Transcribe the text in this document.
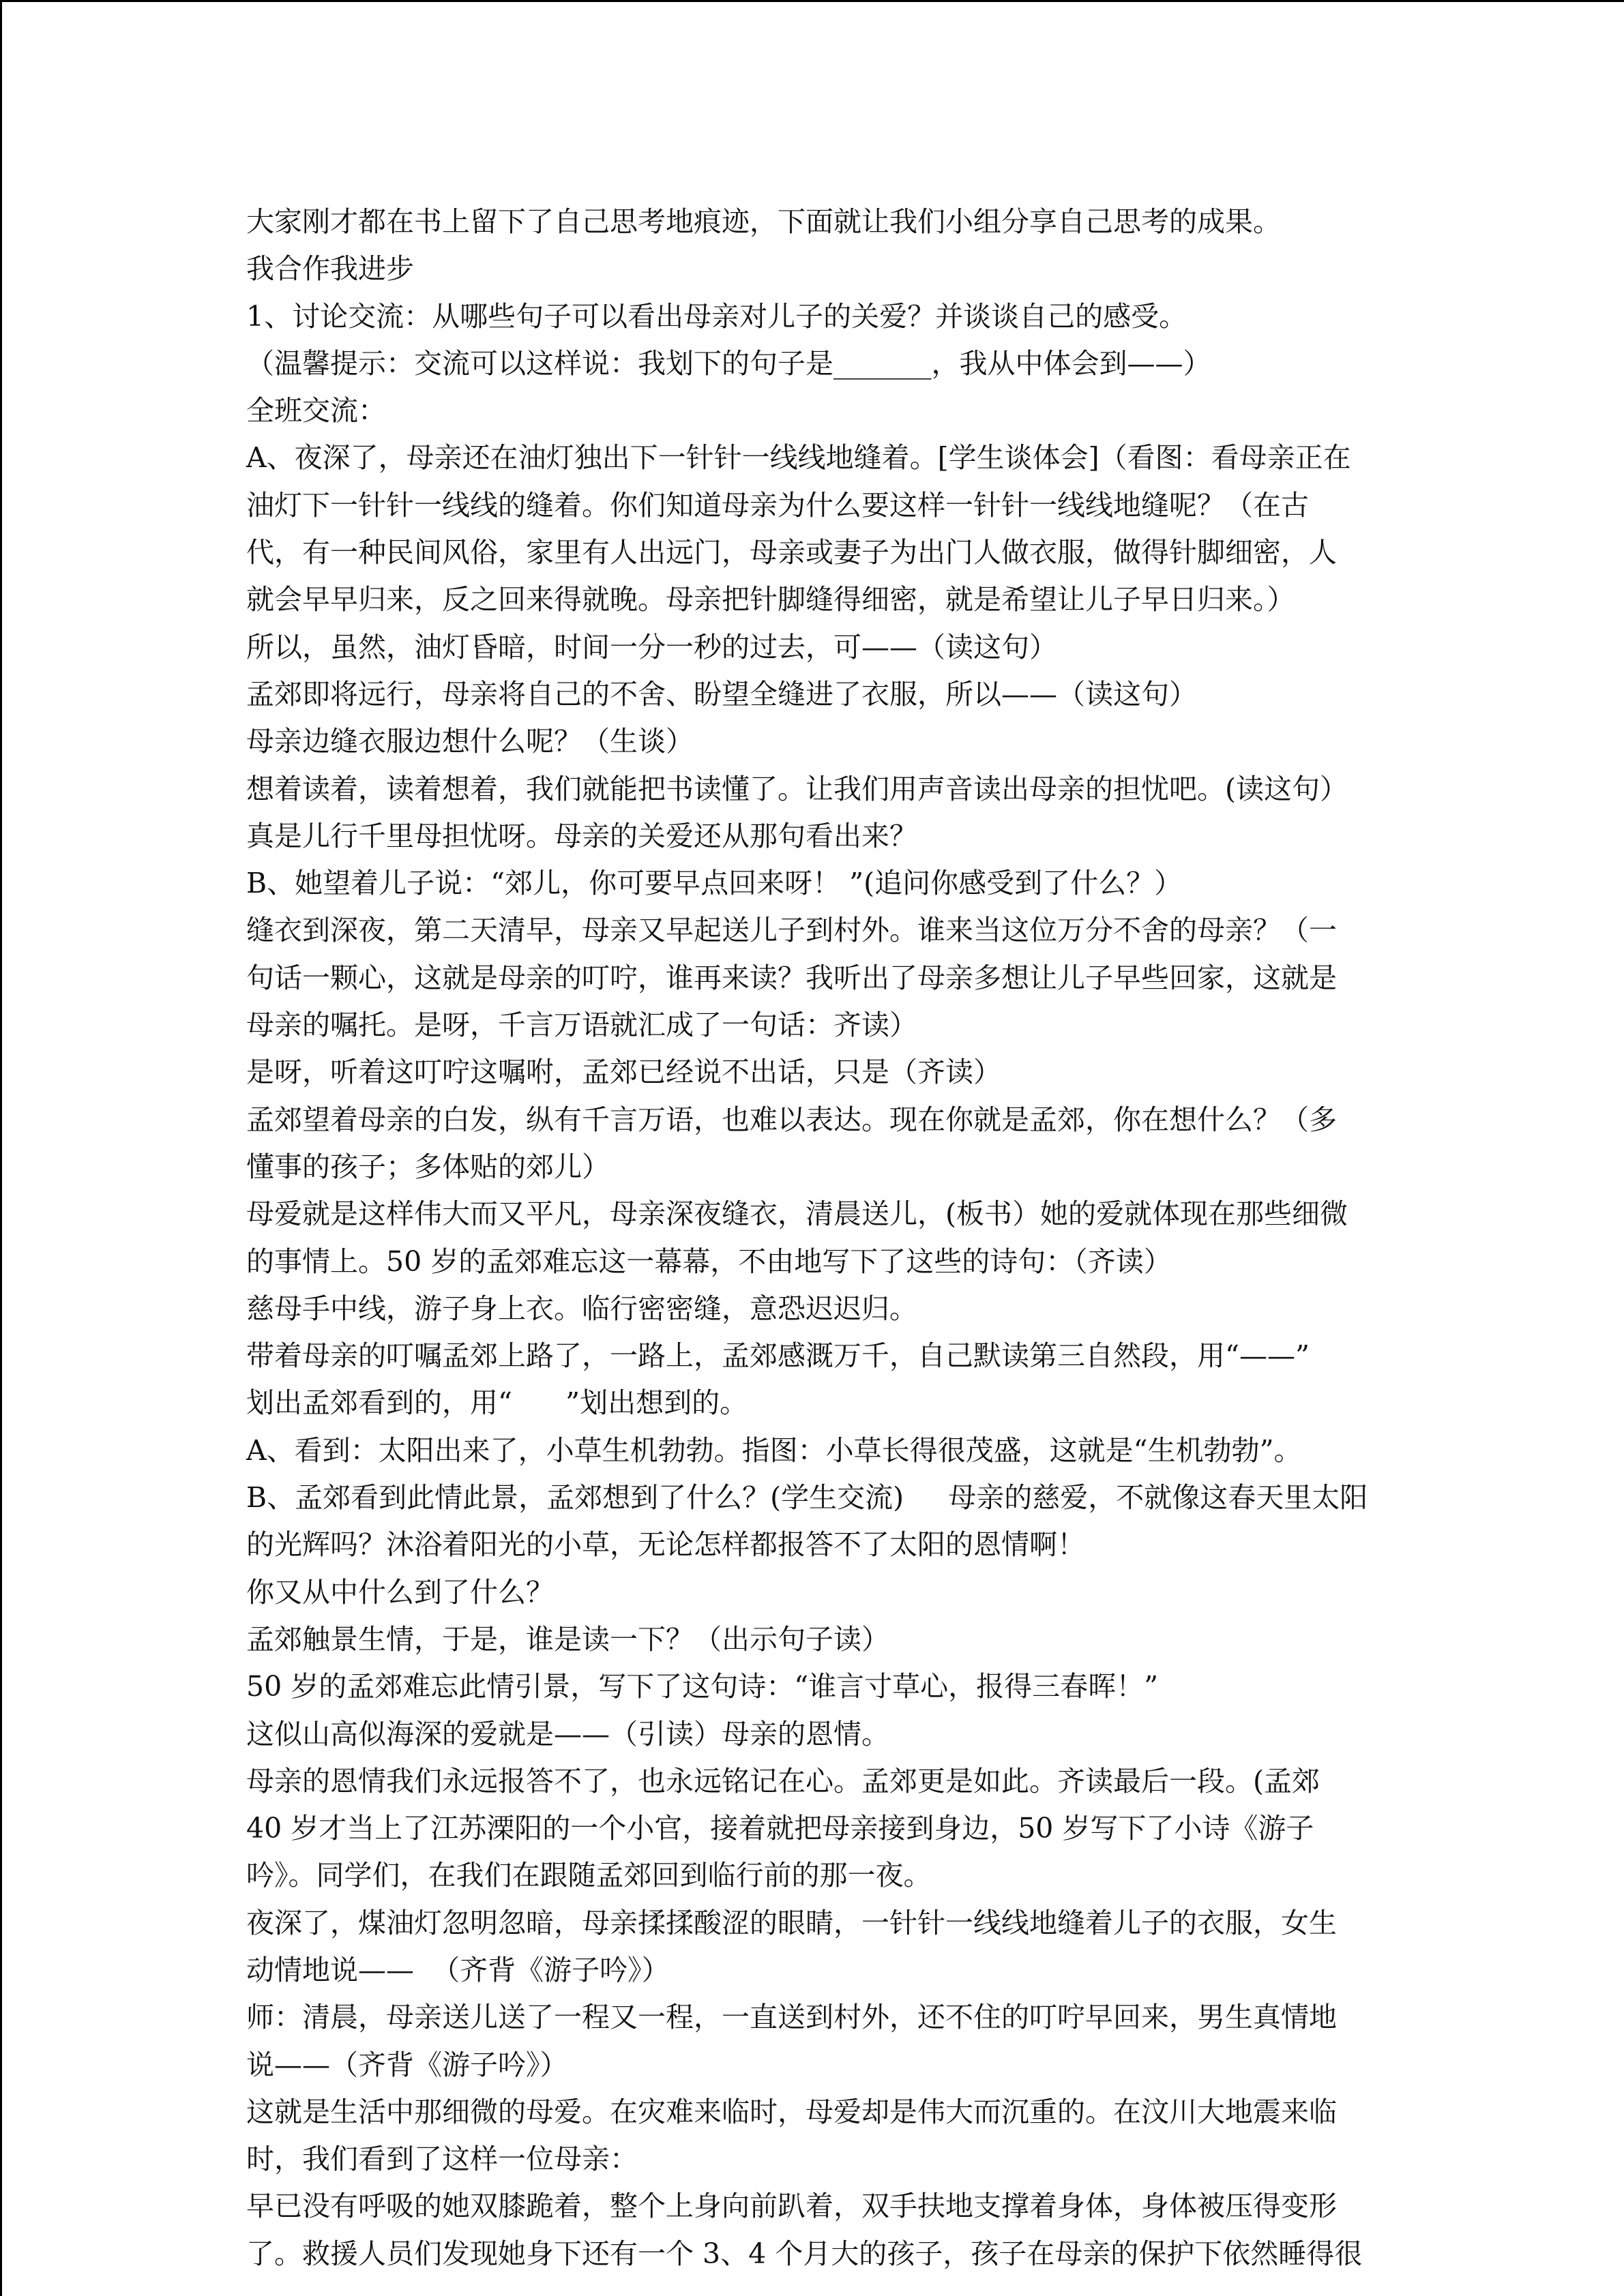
大家刚才都在书上留下了自己思考地痕迹，下面就让我们小组分享自己思考的成果。
我合作我进步
1、讨论交流：从哪些句子可以看出母亲对儿子的关爱？并谈谈自己的感受。
（温馨提示：交流可以这样说：我划下的句子是_______，我从中体会到——）
全班交流：
A、夜深了，母亲还在油灯独出下一针针一线线地缝着。[学生谈体会]（看图：看母亲正在
油灯下一针针一线线的缝着。你们知道母亲为什么要这样一针针一线线地缝呢？（在古
代，有一种民间风俗，家里有人出远门，母亲或妻子为出门人做衣服，做得针脚细密，人
就会早早归来，反之回来得就晚。母亲把针脚缝得细密，就是希望让儿子早日归来。）
所以，虽然，油灯昏暗，时间一分一秒的过去，可——（读这句）
孟郊即将远行，母亲将自己的不舍、盼望全缝进了衣服，所以——（读这句）
母亲边缝衣服边想什么呢？（生谈）
想着读着，读着想着，我们就能把书读懂了。让我们用声音读出母亲的担忧吧。(读这句）
真是儿行千里母担忧呀。母亲的关爱还从那句看出来？
B、她望着儿子说：“郊儿，你可要早点回来呀！ ”(追问你感受到了什么？）
缝衣到深夜，第二天清早，母亲又早起送儿子到村外。谁来当这位万分不舍的母亲？（一
句话一颗心，这就是母亲的叮咛，谁再来读？我听出了母亲多想让儿子早些回家，这就是
母亲的嘱托。是呀，千言万语就汇成了一句话：齐读）
是呀，听着这叮咛这嘱咐，孟郊已经说不出话，只是（齐读）
孟郊望着母亲的白发，纵有千言万语，也难以表达。现在你就是孟郊，你在想什么？（多
懂事的孩子；多体贴的郊儿）
母爱就是这样伟大而又平凡，母亲深夜缝衣，清晨送儿，(板书）她的爱就体现在那些细微
的事情上。50 岁的孟郊难忘这一幕幕，不由地写下了这些的诗句：（齐读）
慈母手中线，游子身上衣。临行密密缝，意恐迟迟归。
带着母亲的叮嘱孟郊上路了，一路上，孟郊感溉万千，自己默读第三自然段，用“——”
划出孟郊看到的，用“      ”划出想到的。
A、看到：太阳出来了，小草生机勃勃。指图：小草长得很茂盛，这就是“生机勃勃”。
B、孟郊看到此情此景，孟郊想到了什么？(学生交流)     母亲的慈爱，不就像这春天里太阳
的光辉吗？沐浴着阳光的小草，无论怎样都报答不了太阳的恩情啊！
你又从中什么到了什么？
孟郊触景生情，于是，谁是读一下？（出示句子读）
50 岁的孟郊难忘此情引景，写下了这句诗：“谁言寸草心，报得三春晖！”
这似山高似海深的爱就是——（引读）母亲的恩情。
母亲的恩情我们永远报答不了，也永远铭记在心。孟郊更是如此。齐读最后一段。(孟郊
40 岁才当上了江苏溧阳的一个小官，接着就把母亲接到身边，50 岁写下了小诗《游子
吟》。同学们，在我们在跟随孟郊回到临行前的那一夜。
夜深了，煤油灯忽明忽暗，母亲揉揉酸涩的眼睛，一针针一线线地缝着儿子的衣服，女生
动情地说——  （齐背《游子吟》）
师：清晨，母亲送儿送了一程又一程，一直送到村外，还不住的叮咛早回来，男生真情地
说——（齐背《游子吟》）
这就是生活中那细微的母爱。在灾难来临时，母爱却是伟大而沉重的。在汶川大地震来临
时，我们看到了这样一位母亲：
早已没有呼吸的她双膝跪着，整个上身向前趴着，双手扶地支撑着身体，身体被压得变形
了。救援人员们发现她身下还有一个 3、4 个月大的孩子，孩子在母亲的保护下依然睡得很
